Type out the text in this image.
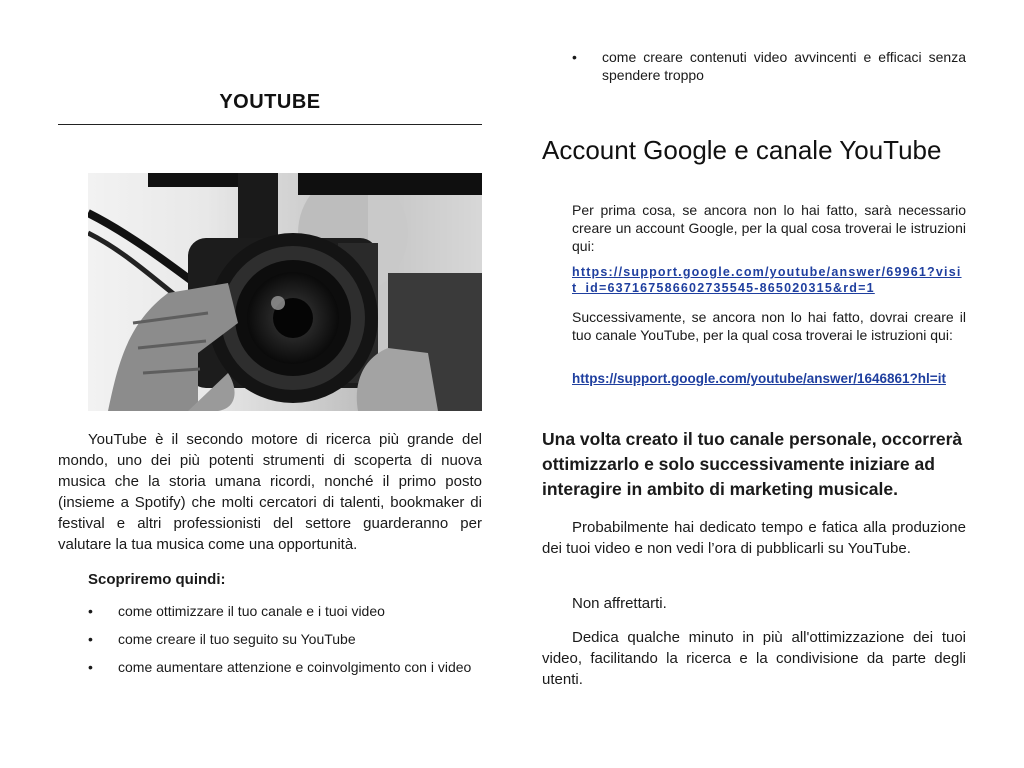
YOUTUBE

YouTube è il secondo motore di ricerca più grande del mondo, uno dei più potenti strumenti di scoperta di nuova musica che la storia umana ricordi, nonché il primo posto (insieme a Spotify) che molti cercatori di talenti, bookmaker di festival e altri professionisti del settore guarderanno per valutare la tua musica come una opportunità.

Scopriremo quindi:
• come ottimizzare il tuo canale e i tuoi video
• come creare il tuo seguito su YouTube
• come aumentare attenzione e coinvolgimento con i video
• come creare contenuti video avvincenti e efficaci senza spendere troppo
Account Google e canale YouTube

Per prima cosa, se ancora non lo hai fatto, sarà necessario creare un account Google, per la qual cosa troverai le istruzioni qui:

https://support.google.com/youtube/answer/69961?visit_id=637167586602735545-865020315&rd=1

Successivamente, se ancora non lo hai fatto, dovrai creare il tuo canale YouTube, per la qual cosa troverai le istruzioni qui:

https://support.google.com/youtube/answer/1646861?hl=it

Una volta creato il tuo canale personale, occorrerà ottimizzarlo e solo successivamente iniziare ad interagire in ambito di marketing musicale.

Probabilmente hai dedicato tempo e fatica alla produzione dei tuoi video e non vedi l’ora di pubblicarli su YouTube.

Non affrettarti.

Dedica qualche minuto in più all'ottimizzazione dei tuoi video, facilitando la ricerca e la condivisione da parte degli utenti.
